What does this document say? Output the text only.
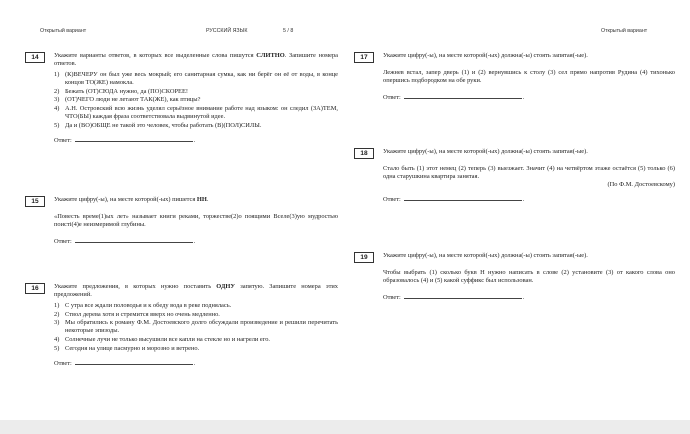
Открытый вариант	РУССКИЙ ЯЗЫК	5 / 8
14	Укажите варианты ответов, в которых все выделенные слова пишутся СЛИТНО. Запишите номера ответов.

1) (К)ВЕЧЕРУ он был уже весь мокрый; его санитарная сумка, как ни берёг он её от воды, в конце концов ТО(ЖЕ) намокла.
2) Бежать (ОТ)СЮДА нужно, да (ПО)СКОРЕЕ!
3) (ОТ)ЧЕГО люди не летают ТАК(ЖЕ), как птицы?
4) А.Н. Островский всю жизнь уделял серьёзное внимание работе над языком: он следил (ЗА)ТЕМ, ЧТО(БЫ) каждая фраза соответствовала выдвинутой идее.
5) Да и (ВО)ОБЩЕ не такой это человек, чтобы работать (В)(ПОЛ)СИЛЫ.
Ответ:	.
15	Укажите цифру(-ы), на месте которой(-ых) пишется НН.

«Повесть време(1)ых лет» называет книги реками, торжестве(2)о поящими Вселе(3)ую мудростью поистi(4)е неизмеримой глубины.

Ответ:	.
16	Укажите предложения, в которых нужно поставить ОДНУ запятую. Запишите номера этих предложений.

1) С утра все ждали половодья и к обеду вода в реке поднялась.
2) Ствол дерева хотя и стремится вверх но очень медленно.
3) Мы обратились к роману Ф.М. Достоевского долго обсуждали произведение и решили перечитать некоторые эпизоды.
4) Солнечные лучи не только высушили все капли на стекле но и нагрели его.
5) Сегодня на улице пасмурно и морозно и ветрено.
Ответ:	.
Открытый вариант
17	Укажите цифру(-ы), на месте которой(-ых) должна(-ы) стоять запятая(-ые).

Лежнев встал, запер дверь (1) и (2) вернувшись к столу (3) сел прямо напротив Рудина (4) тихонько опершись подбородком на обе руки.

Ответ:	.
18	Укажите цифру(-ы), на месте которой(-ых) должна(-ы) стоять запятая(-ые).

Стало быть (1) этот немец (2) теперь (3) выезжает. Значит (4) на четвёртом этаже остаётся (5) только (6) одна старушкина квартира занятая.

(По Ф.М. Достоевскому)

Ответ:	.
19	Укажите цифру(-ы), на месте которой(-ых) должна(-ы) стоять запятая(-ые).

Чтобы выбрать (1) сколько букв Н нужно написать в слове (2) установите (3) от какого слова оно образовалось (4) и (5) какой суффикс был использован.

Ответ:	.
